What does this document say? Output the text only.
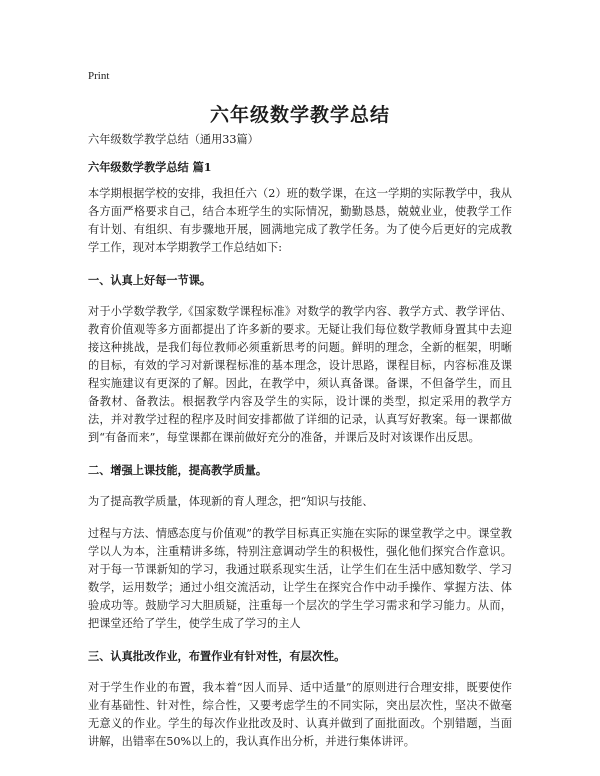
Print
六年级数学教学总结

六年级数学教学总结（通用33篇）

六年级数学教学总结 篇1

本学期根据学校的安排，我担任六（2）班的数学课，在这一学期的实际教学中，我从各方面严格要求自己，结合本班学生的实际情况，勤勤恳恳，兢兢业业，使教学工作有计划、有组织、有步骤地开展，圆满地完成了教学任务。为了使今后更好的完成教学工作，现对本学期教学工作总结如下:

一、认真上好每一节课。

对于小学数学教学,《国家数学课程标准》对数学的教学内容、教学方式、教学评估、教育价值观等多方面都提出了许多新的要求。无疑让我们每位数学教师身置其中去迎接这种挑战，是我们每位教师必须重新思考的问题。鲜明的理念，全新的框架，明晰的目标，有效的学习对新课程标准的基本理念，设计思路，课程目标，内容标准及课程实施建议有更深的了解。因此，在教学中，须认真备课。备课，不但备学生，而且备教材、备教法。根据教学内容及学生的实际，设计课的类型，拟定采用的教学方法，并对教学过程的程序及时间安排都做了详细的记录，认真写好教案。每一课都做到“有备而来”，每堂课都在课前做好充分的准备，并课后及时对该课作出反思。

二、增强上课技能，提高教学质量。

为了提高教学质量，体现新的育人理念，把“知识与技能、

过程与方法、情感态度与价值观”的教学目标真正实施在实际的课堂教学之中。课堂教学以人为本，注重精讲多练，特别注意调动学生的积极性，强化他们探究合作意识。对于每一节课新知的学习，我通过联系现实生活，让学生们在生活中感知数学、学习数学，运用数学；通过小组交流活动，让学生在探究合作中动手操作、掌握方法、体验成功等。鼓励学习大胆质疑，注重每一个层次的学生学习需求和学习能力。从而，把课堂还给了学生，使学生成了学习的主人

三、认真批改作业，布置作业有针对性，有层次性。

对于学生作业的布置，我本着“因人而异、适中适量”的原则进行合理安排，既要使作业有基础性、针对性，综合性，又要考虑学生的不同实际，突出层次性，坚决不做毫无意义的作业。学生的每次作业批改及时、认真并做到了面批面改。个别错题，当面讲解，出错率在50%以上的，我认真作出分析，并进行集体讲评。
